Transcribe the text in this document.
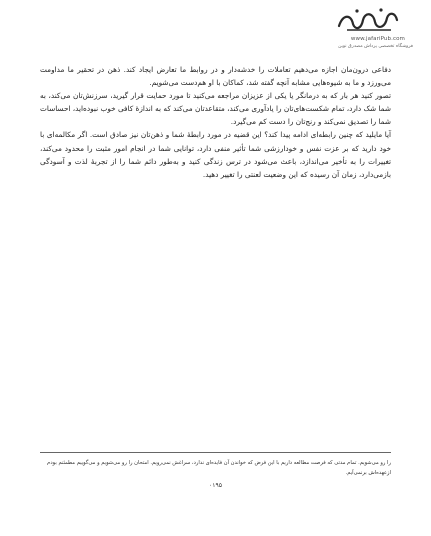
www.jafariPub.com
فروشگاه تخصصی پرداش مصدرق نوین

دفاعی درون‌مان اجازه می‌دهیم تعاملات را خدشه‌دار و در روابط ما تعارض ایجاد کند. ذهن در تحقیر ما مداومت می‌ورزد و ما به شیوه‌هایی مشابه آنچه گفته شد، کماکان با او هم‌دست می‌شویم.

تصور کنید هر بار که به درمانگر یا یکی از عزیزان مراجعه می‌کنید تا مورد حمایت قرار گیرید، سرزنش‌تان می‌کند، به شما شک دارد، تمام شکست‌های‌تان را یادآوری می‌کند، متقاعدتان می‌کند که به اندازهٔ کافی خوب نبوده‌اید، احساسات شما را تصدیق نمی‌کند و رنج‌تان را دست کم می‌گیرد.

آیا مایلید که چنین رابطه‌ای ادامه پیدا کند؟ این قضیه در مورد رابطهٔ شما و ذهن‌تان نیز صادق است. اگر مکالمه‌ای با خود دارید که بر عزت نفس و خودارزشی شما تأثیر منفی دارد، توانایی شما در انجام امور مثبت را محدود می‌کند، تغییرات را به تأخیر می‌اندازد، باعث می‌شود در ترس زندگی کنید و به‌طور دائم شما را از تجربهٔ لذت و آسودگی بازمی‌دارد، زمان آن رسیده که این وضعیت لعنتی را تغییر دهید.

را رو می‌شویم. تمام مدتی که فرصت مطالعه داریم با این فرض که خواندن آن فایده‌ای ندارد، سراغش نمی‌رویم. امتحان را رو می‌شویم و می‌گوییم مطمئنم بودم ازعهده‌اش برنمی‌آیم.
۰۱۹۵
